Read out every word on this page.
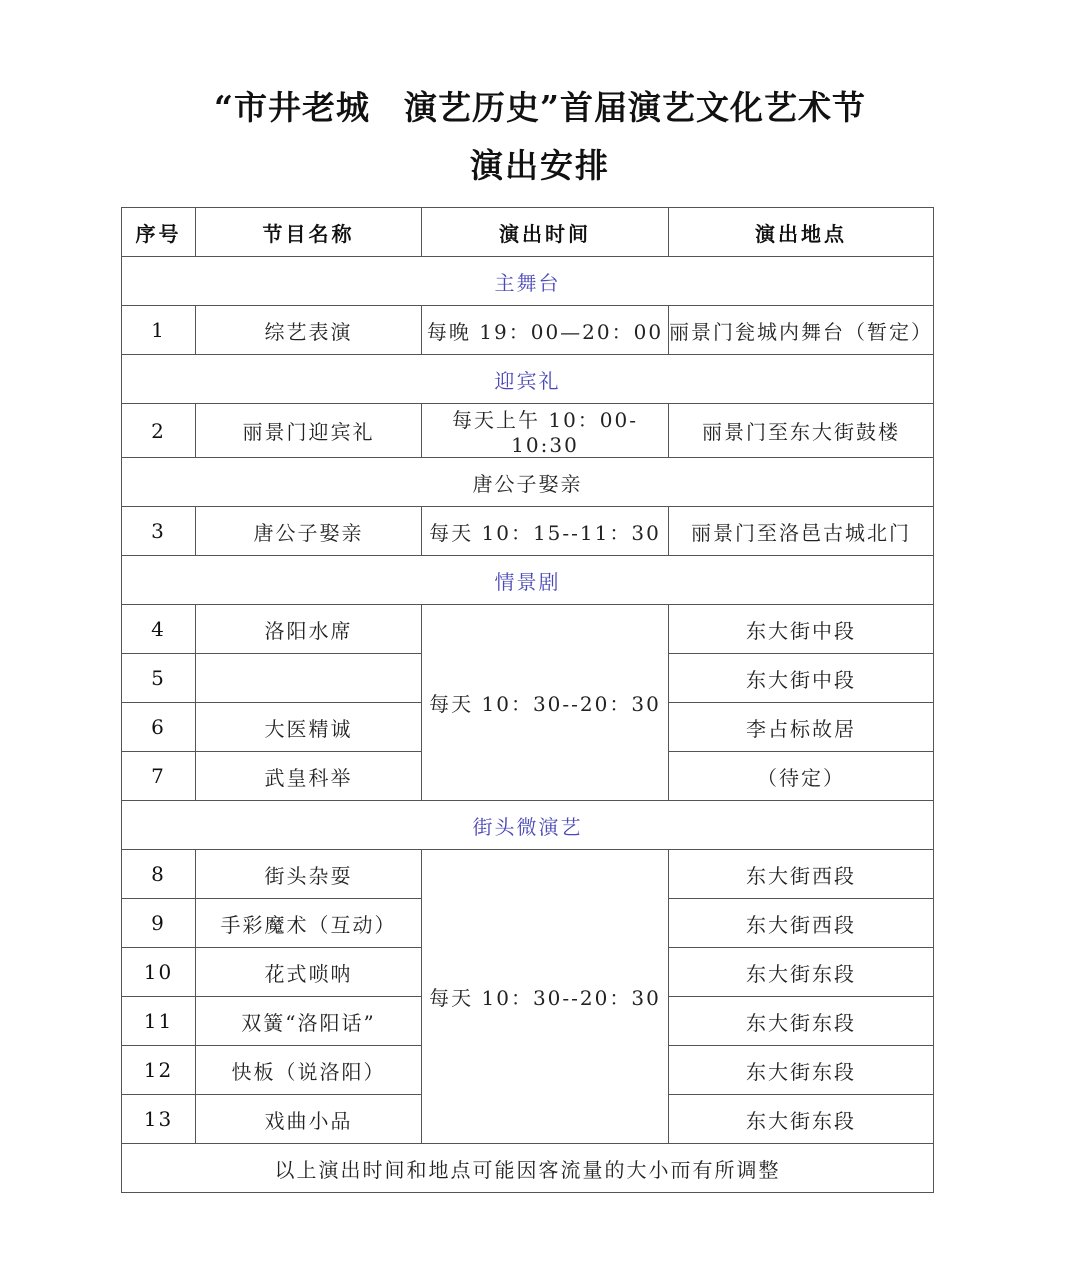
“市井老城　演艺历史”首届演艺文化艺术节
演出安排
序号	节目名称	演出时间	演出地点
主舞台			
1	综艺表演	每晚 19：00—20：00	丽景门瓮城内舞台（暂定）
迎宾礼			
2	丽景门迎宾礼	每天上午 10：00-10:30	丽景门至东大街鼓楼
唐公子娶亲			
3	唐公子娶亲	每天 10：15--11：30	丽景门至洛邑古城北门
情景剧			
4	洛阳水席	每天 10：30--20：30	东大街中段
5			东大街中段
6	大医精诚		李占标故居
7	武皇科举		（待定）
街头微演艺			
8	街头杂耍	每天 10：30--20：30	东大街西段
9	手彩魔术（互动）		东大街西段
10	花式唢呐		东大街东段
11	双簧“洛阳话”		东大街东段
12	快板（说洛阳）		东大街东段
13	戏曲小品		东大街东段
以上演出时间和地点可能因客流量的大小而有所调整			
